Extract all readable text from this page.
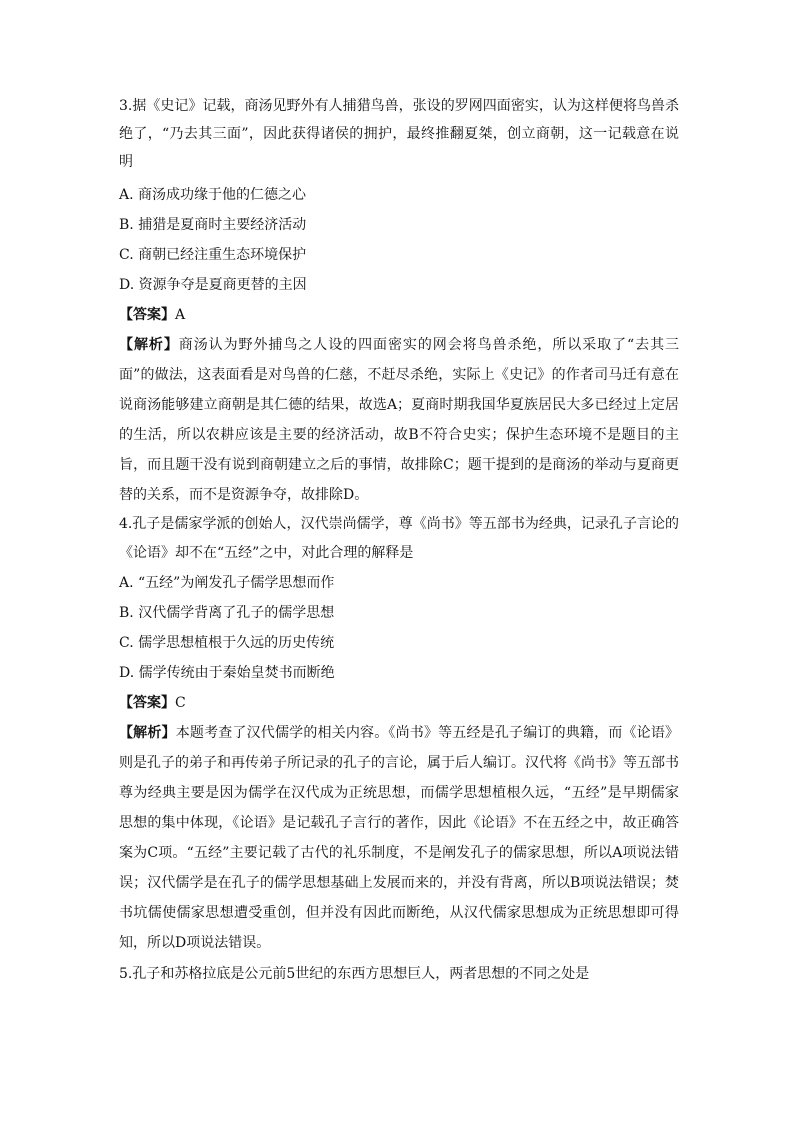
3.据《史记》记载，商汤见野外有人捕猎鸟兽，张设的罗网四面密实，认为这样便将鸟兽杀绝了，“乃去其三面”，因此获得诸侯的拥护，最终推翻夏桀，创立商朝，这一记载意在说明

A. 商汤成功缘于他的仁德之心

B. 捕猎是夏商时主要经济活动

C. 商朝已经注重生态环境保护

D. 资源争夺是夏商更替的主因

【答案】A

【解析】商汤认为野外捕鸟之人设的四面密实的网会将鸟兽杀绝，所以采取了“去其三面”的做法，这表面看是对鸟兽的仁慈，不赶尽杀绝，实际上《史记》的作者司马迁有意在说商汤能够建立商朝是其仁德的结果，故选A；夏商时期我国华夏族居民大多已经过上定居的生活，所以农耕应该是主要的经济活动，故B不符合史实；保护生态环境不是题目的主旨，而且题干没有说到商朝建立之后的事情，故排除C；题干提到的是商汤的举动与夏商更替的关系，而不是资源争夺，故排除D。

4.孔子是儒家学派的创始人，汉代崇尚儒学，尊《尚书》等五部书为经典，记录孔子言论的《论语》却不在“五经”之中，对此合理的解释是

A. “五经”为阐发孔子儒学思想而作

B. 汉代儒学背离了孔子的儒学思想

C. 儒学思想植根于久远的历史传统

D. 儒学传统由于秦始皇焚书而断绝

【答案】C

【解析】本题考查了汉代儒学的相关内容。《尚书》等五经是孔子编订的典籍，而《论语》则是孔子的弟子和再传弟子所记录的孔子的言论，属于后人编订。汉代将《尚书》等五部书尊为经典主要是因为儒学在汉代成为正统思想，而儒学思想植根久远，“五经”是早期儒家思想的集中体现，《论语》是记载孔子言行的著作，因此《论语》不在五经之中，故正确答案为C项。“五经”主要记载了古代的礼乐制度，不是阐发孔子的儒家思想，所以A项说法错误；汉代儒学是在孔子的儒学思想基础上发展而来的，并没有背离，所以B项说法错误；焚书坑儒使儒家思想遭受重创，但并没有因此而断绝，从汉代儒家思想成为正统思想即可得知，所以D项说法错误。

5.孔子和苏格拉底是公元前5世纪的东西方思想巨人，两者思想的不同之处是
